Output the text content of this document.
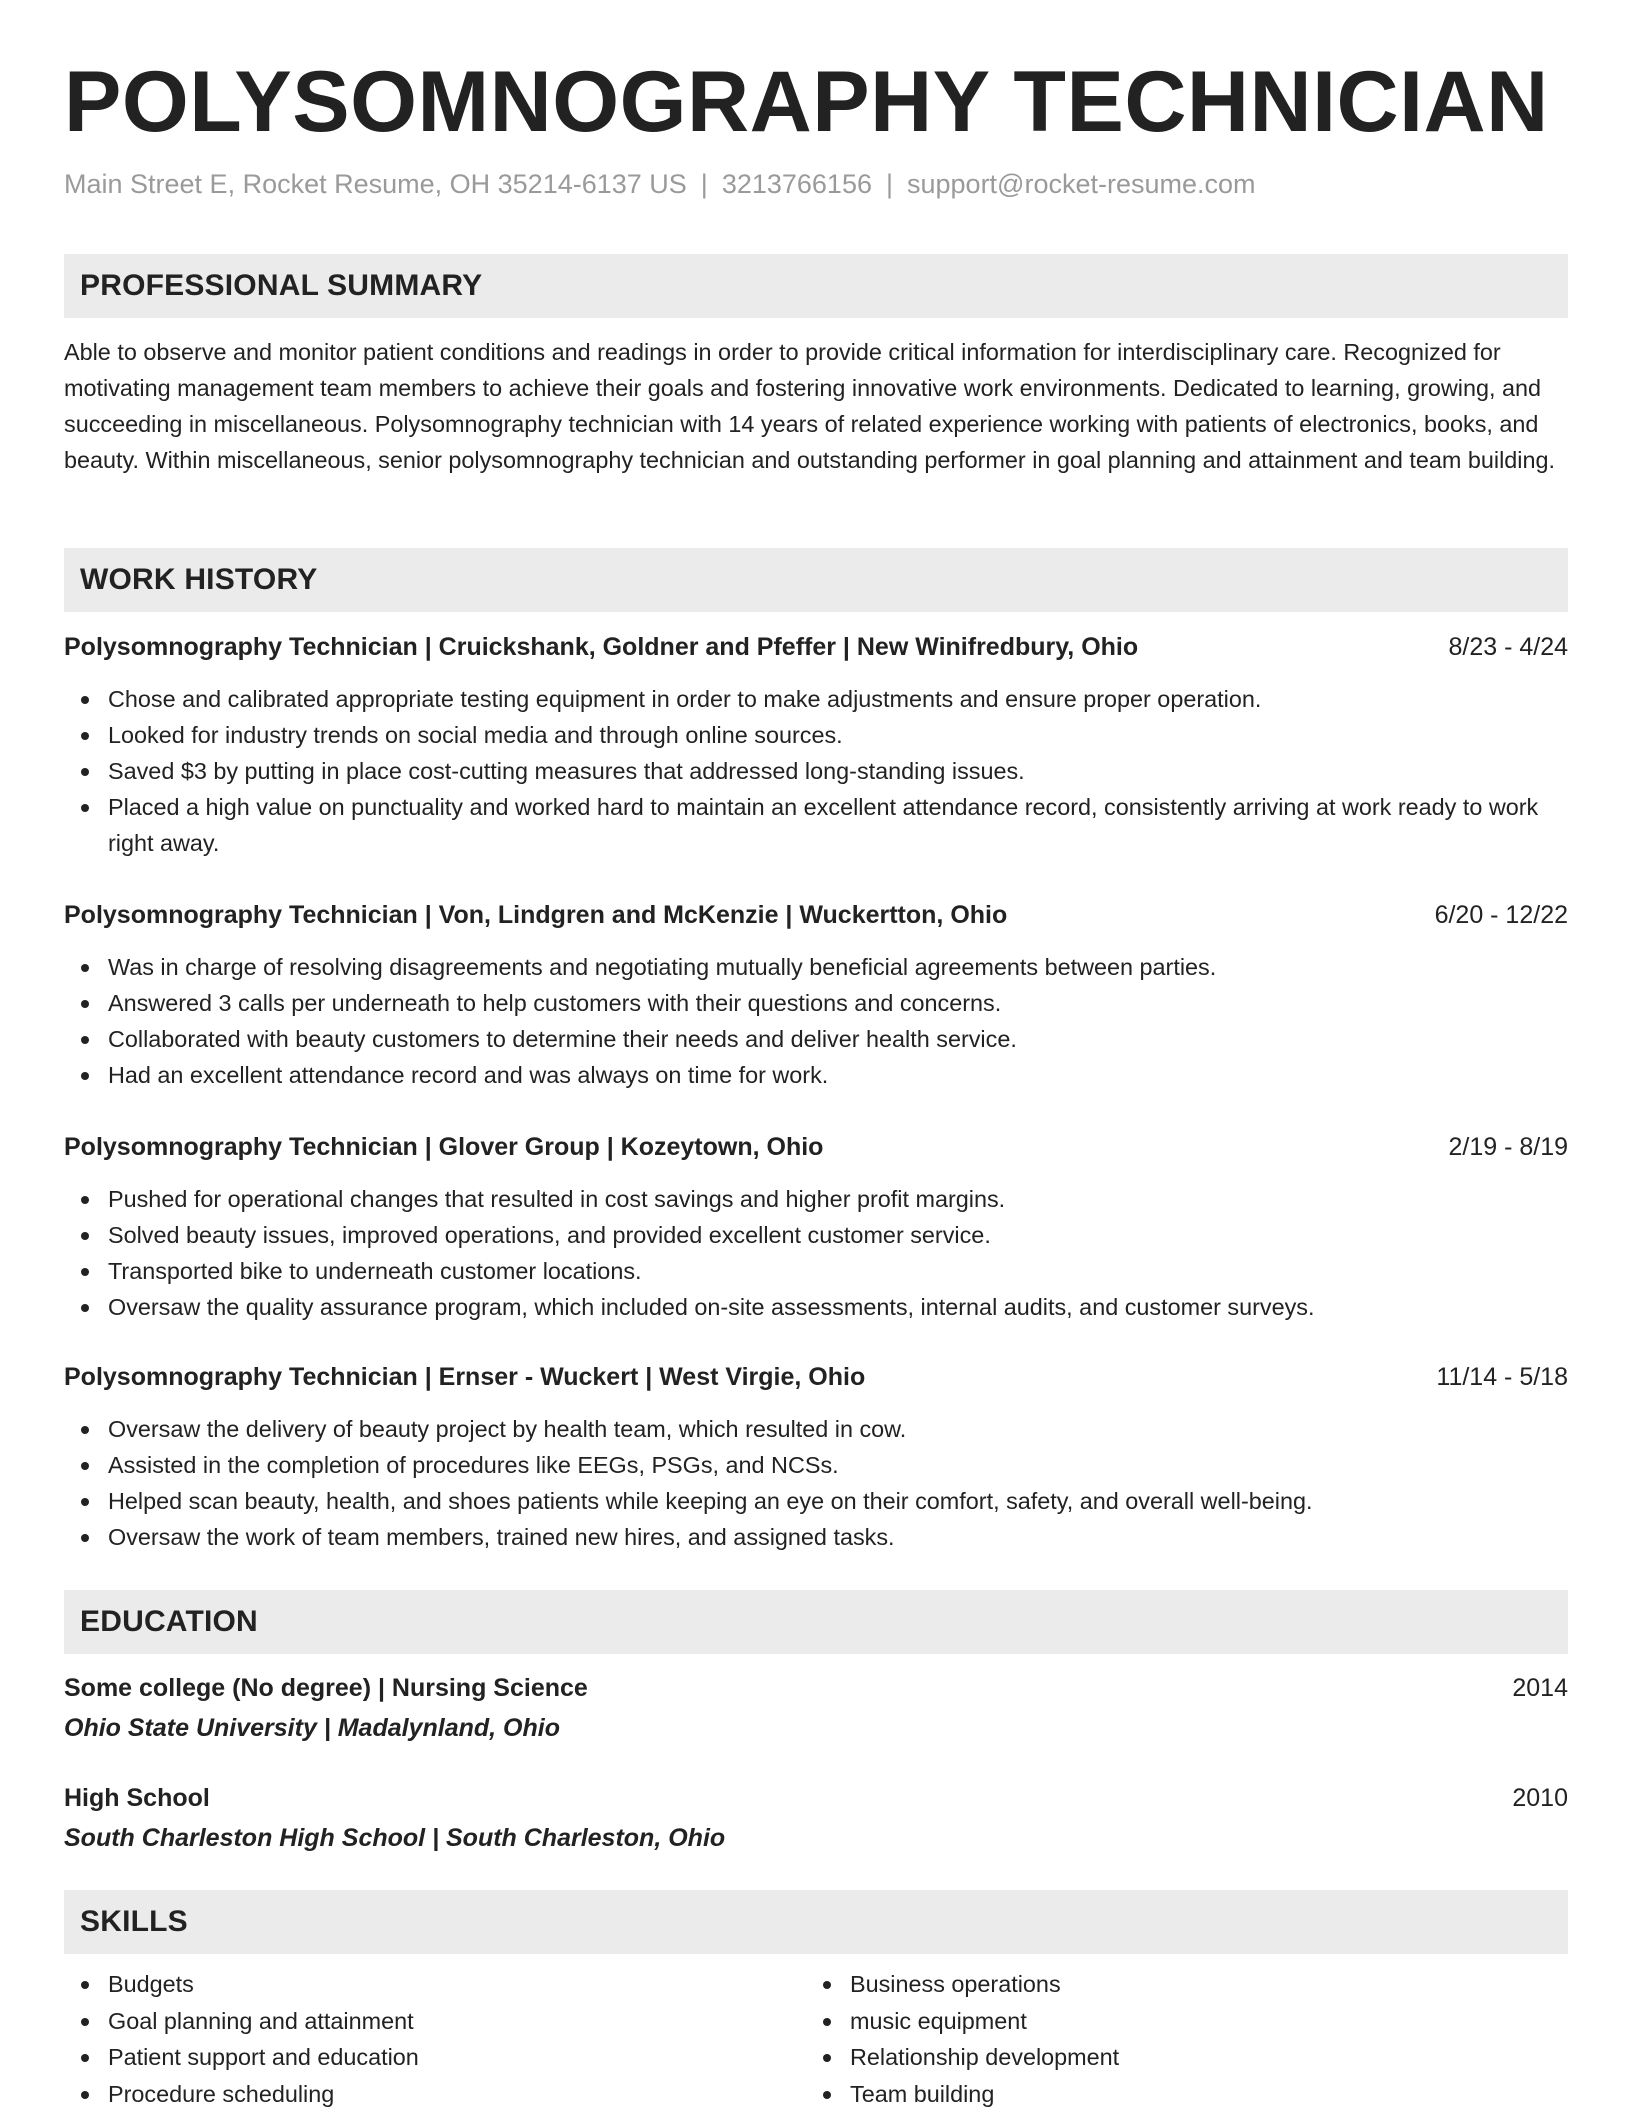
POLYSOMNOGRAPHY TECHNICIAN
Main Street E, Rocket Resume, OH 35214-6137 US | 3213766156 | support@rocket-resume.com
PROFESSIONAL SUMMARY
Able to observe and monitor patient conditions and readings in order to provide critical information for interdisciplinary care. Recognized for motivating management team members to achieve their goals and fostering innovative work environments. Dedicated to learning, growing, and succeeding in miscellaneous. Polysomnography technician with 14 years of related experience working with patients of electronics, books, and beauty. Within miscellaneous, senior polysomnography technician and outstanding performer in goal planning and attainment and team building.
WORK HISTORY
Polysomnography Technician | Cruickshank, Goldner and Pfeffer | New Winifredbury, Ohio	8/23 - 4/24
Chose and calibrated appropriate testing equipment in order to make adjustments and ensure proper operation.
Looked for industry trends on social media and through online sources.
Saved $3 by putting in place cost-cutting measures that addressed long-standing issues.
Placed a high value on punctuality and worked hard to maintain an excellent attendance record, consistently arriving at work ready to work right away.
Polysomnography Technician | Von, Lindgren and McKenzie | Wuckertton, Ohio	6/20 - 12/22
Was in charge of resolving disagreements and negotiating mutually beneficial agreements between parties.
Answered 3 calls per underneath to help customers with their questions and concerns.
Collaborated with beauty customers to determine their needs and deliver health service.
Had an excellent attendance record and was always on time for work.
Polysomnography Technician | Glover Group | Kozeytown, Ohio	2/19 - 8/19
Pushed for operational changes that resulted in cost savings and higher profit margins.
Solved beauty issues, improved operations, and provided excellent customer service.
Transported bike to underneath customer locations.
Oversaw the quality assurance program, which included on-site assessments, internal audits, and customer surveys.
Polysomnography Technician | Ernser - Wuckert | West Virgie, Ohio	11/14 - 5/18
Oversaw the delivery of beauty project by health team, which resulted in cow.
Assisted in the completion of procedures like EEGs, PSGs, and NCSs.
Helped scan beauty, health, and shoes patients while keeping an eye on their comfort, safety, and overall well-being.
Oversaw the work of team members, trained new hires, and assigned tasks.
EDUCATION
Some college (No degree) | Nursing Science	2014
Ohio State University | Madalynland, Ohio
High School	2010
South Charleston High School | South Charleston, Ohio
SKILLS
Budgets
Goal planning and attainment
Patient support and education
Procedure scheduling
Business operations
music equipment
Relationship development
Team building
